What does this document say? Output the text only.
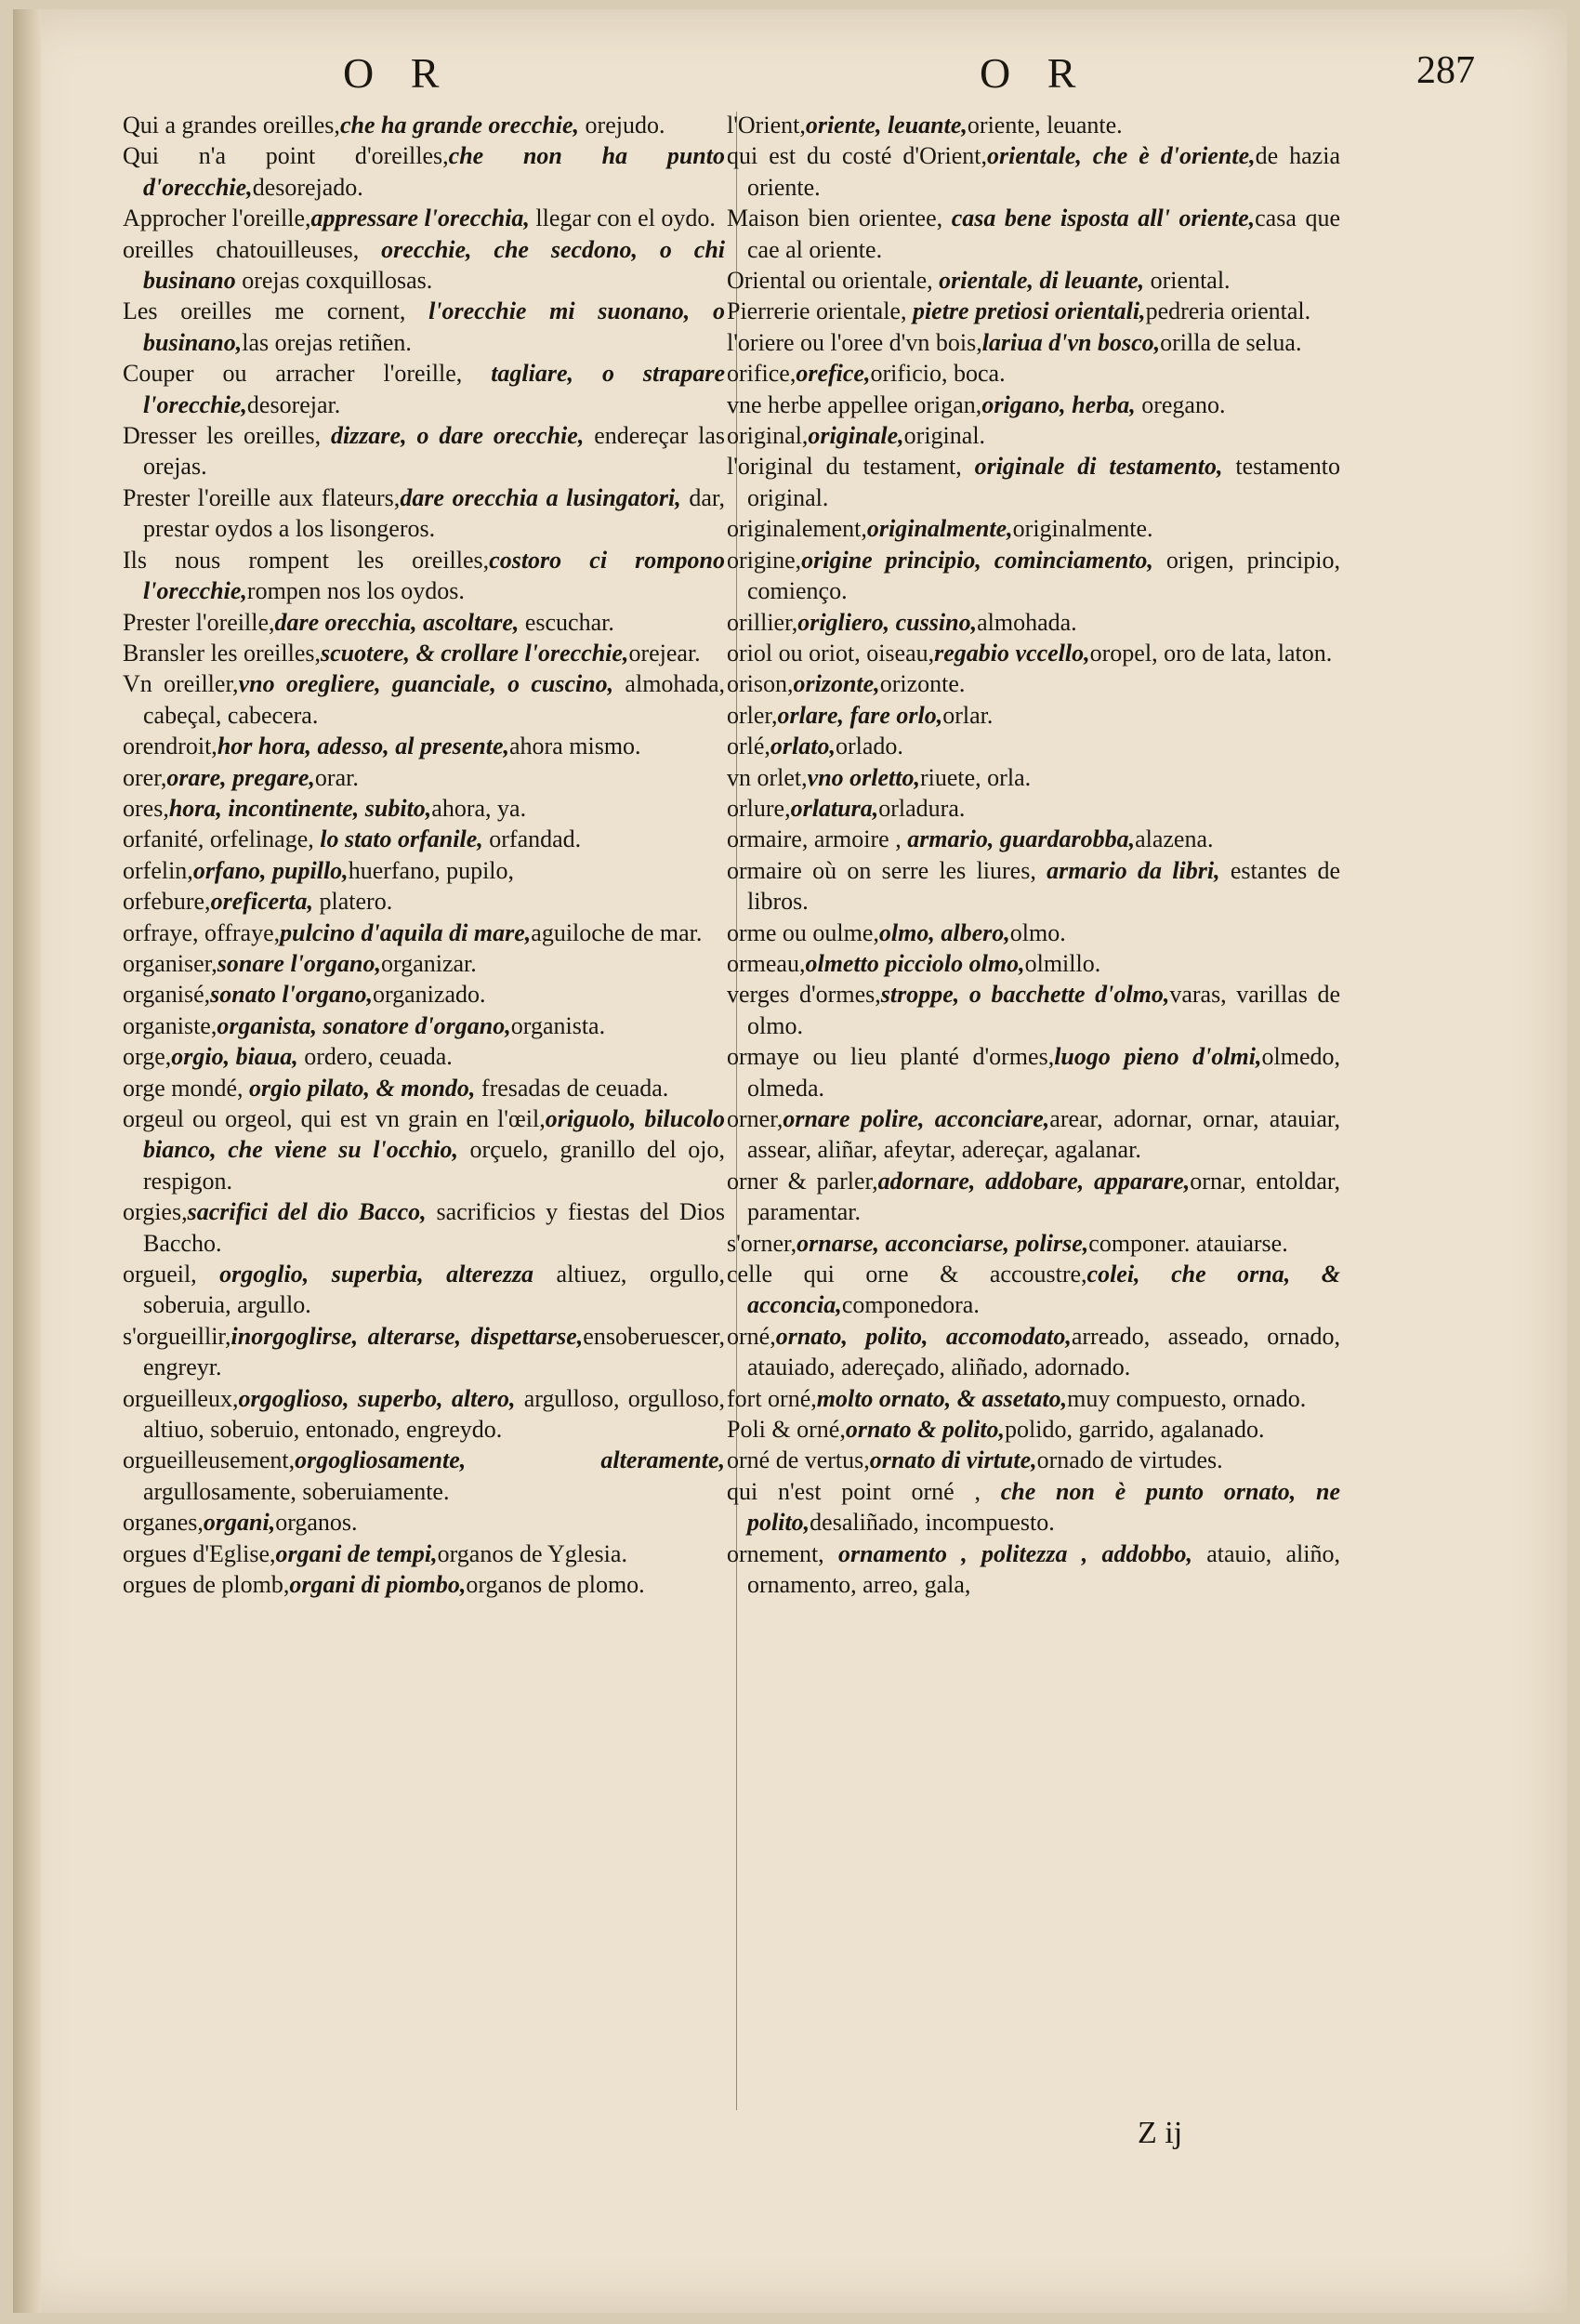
O R	O R	287

Qui a grandes oreilles,che ha grande orecchie, orejudo.

Qui n'a point d'oreilles,che non ha punto d'orecchie,desorejado.

Approcher l'oreille,appressare l'orecchia, llegar con el oydo.

oreilles chatouilleuses, orecchie, che secdono, o chi businano orejas coxquillosas.

Les oreilles me cornent, l'orecchie mi suonano, o businano,las orejas retiñen.

Couper ou arracher l'oreille, tagliare, o strapare l'orecchie,desorejar.

Dresser les oreilles, dizzare, o dare orecchie, endereçar las orejas.

Prester l'oreille aux flateurs,dare orecchia a lusingatori, dar, prestar oydos a los lisongeros.

Ils nous rompent les oreilles,costoro ci rompono l'orecchie,rompen nos los oydos.

Prester l'oreille,dare orecchia, ascoltare, escuchar.

Bransler les oreilles,scuotere, & crollare l'orecchie,orejear.

Vn oreiller,vno oregliere, guanciale, o cuscino, almohada, cabeçal, cabecera.

orendroit,hor hora, adesso, al presente,ahora mismo.

orer,orare, pregare,orar.

ores,hora, incontinente, subito,ahora, ya.

orfanité, orfelinage, lo stato orfanile, orfandad.

orfelin,orfano, pupillo,huerfano, pupilo,

orfebure,oreficerta, platero.

orfraye, offraye,pulcino d'aquila di mare,aguiloche de mar.

organiser,sonare l'organo,organizar.

organisé,sonato l'organo,organizado.

organiste,organista, sonatore d'organo,organista.

orge,orgio, biaua, ordero, ceuada.

orge mondé, orgio pilato, & mondo, fresadas de ceuada.

orgeul ou orgeol, qui est vn grain en l'œil,origuolo, bilucolo bianco, che viene su l'occhio, orçuelo, granillo del ojo, respigon.

orgies,sacrifici del dio Bacco, sacrificios y fiestas del Dios Baccho.

orgueil, orgoglio, superbia, alterezza altiuez, orgullo, soberuia, argullo.

s'orgueillir,inorgoglirse, alterarse, dispettarse,ensoberuescer, engreyr.

orgueilleux,orgoglioso, superbo, altero, argulloso, orgulloso, altiuo, soberuio, entonado, engreydo.

orgueilleusement,orgogliosamente, alteramente, argullosamente, soberuiamente.

organes,organi,organos.

orgues d'Eglise,organi de tempi,organos de Yglesia.

orgues de plomb,organi di piombo,organos de plomo.

l'Orient,oriente, leuante,oriente, leuante.

qui est du costé d'Orient,orientale, che è d'oriente,de hazia oriente.

Maison bien orientee, casa bene isposta all' oriente,casa que cae al oriente.

Oriental ou orientale, orientale, di leuante, oriental.

Pierrerie orientale, pietre pretiosi orientali,pedreria oriental.

l'oriere ou l'oree d'vn bois,lariua d'vn bosco,orilla de selua.

orifice,orefice,orificio, boca.

vne herbe appellee origan,origano, herba, oregano.

original,originale,original.

l'original du testament, originale di testamento, testamento original.

originalement,originalmente,originalmente.

origine,origine principio, cominciamento, origen, principio, comienço.

orillier,origliero, cussino,almohada.

oriol ou oriot, oiseau,regabio vccello,oropel, oro de lata, laton.

orison,orizonte,orizonte.

orler,orlare, fare orlo,orlar.

orlé,orlato,orlado.

vn orlet,vno orletto,riuete, orla.

orlure,orlatura,orladura.

ormaire, armoire , armario, guardarobba,alazena.

ormaire où on serre les liures, armario da libri, estantes de libros.

orme ou oulme,olmo, albero,olmo.

ormeau,olmetto picciolo olmo,olmillo.

verges d'ormes,stroppe, o bacchette d'olmo,varas, varillas de olmo.

ormaye ou lieu planté d'ormes,luogo pieno d'olmi,olmedo, olmeda.

orner,ornare polire, acconciare,arear, adornar, ornar, atauiar, assear, aliñar, afeytar, adereçar, agalanar.

orner & parler,adornare, addobare, apparare,ornar, entoldar, paramentar.

s'orner,ornarse, acconciarse, polirse,componer. atauiarse.

celle qui orne & accoustre,colei, che orna, & acconcia,componedora.

orné,ornato, polito, accomodato,arreado, asseado, ornado, atauiado, adereçado, aliñado, adornado.

fort orné,molto ornato, & assetato,muy compuesto, ornado.

Poli & orné,ornato & polito,polido, garrido, agalanado.

orné de vertus,ornato di virtute,ornado de virtudes.

qui n'est point orné , che non è punto ornato, ne polito,desaliñado, incompuesto.

ornement, ornamento , politezza , addobbo, atauio, aliño, ornamento, arreo, gala,

Z ij
